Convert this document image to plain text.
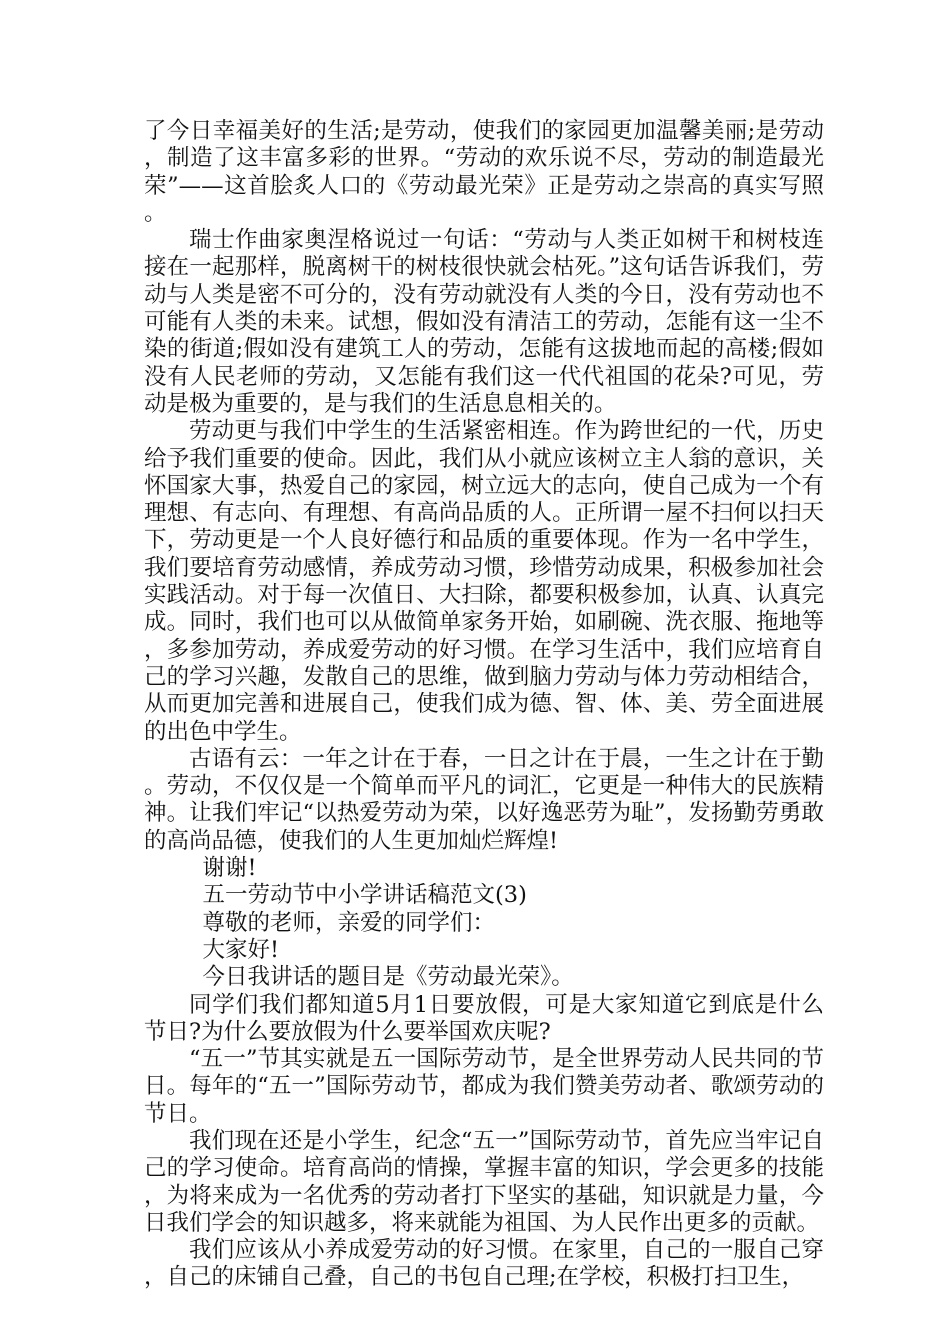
了今日幸福美好的生活;是劳动，使我们的家园更加温馨美丽;是劳动，制造了这丰富多彩的世界。“劳动的欢乐说不尽，劳动的制造最光荣”——这首脍炙人口的《劳动最光荣》正是劳动之崇高的真实写照。

瑞士作曲家奥涅格说过一句话：“劳动与人类正如树干和树枝连接在一起那样，脱离树干的树枝很快就会枯死。”这句话告诉我们，劳动与人类是密不可分的，没有劳动就没有人类的今日，没有劳动也不可能有人类的未来。试想，假如没有清洁工的劳动，怎能有这一尘不染的街道;假如没有建筑工人的劳动，怎能有这拔地而起的高楼;假如没有人民老师的劳动，又怎能有我们这一代代祖国的花朵?可见，劳动是极为重要的，是与我们的生活息息相关的。

劳动更与我们中学生的生活紧密相连。作为跨世纪的一代，历史给予我们重要的使命。因此，我们从小就应该树立主人翁的意识，关怀国家大事，热爱自己的家园，树立远大的志向，使自己成为一个有理想、有志向、有理想、有高尚品质的人。正所谓一屋不扫何以扫天下，劳动更是一个人良好德行和品质的重要体现。作为一名中学生，我们要培育劳动感情，养成劳动习惯，珍惜劳动成果，积极参加社会实践活动。对于每一次值日、大扫除，都要积极参加，认真、认真完成。同时，我们也可以从做简单家务开始，如刷碗、洗衣服、拖地等，多参加劳动，养成爱劳动的好习惯。在学习生活中，我们应培育自己的学习兴趣，发散自己的思维，做到脑力劳动与体力劳动相结合，从而更加完善和进展自己，使我们成为德、智、体、美、劳全面进展的出色中学生。

古语有云：一年之计在于春，一日之计在于晨，一生之计在于勤。劳动，不仅仅是一个简单而平凡的词汇，它更是一种伟大的民族精神。让我们牢记“以热爱劳动为荣，以好逸恶劳为耻”，发扬勤劳勇敢的高尚品德，使我们的人生更加灿烂辉煌!

谢谢!

五一劳动节中小学讲话稿范文(3)

尊敬的老师，亲爱的同学们：

大家好!

今日我讲话的题目是《劳动最光荣》。

同学们我们都知道5月1日要放假，可是大家知道它到底是什么节日?为什么要放假为什么要举国欢庆呢?

“五一”节其实就是五一国际劳动节，是全世界劳动人民共同的节日。每年的“五一”国际劳动节，都成为我们赞美劳动者、歌颂劳动的节日。

我们现在还是小学生，纪念“五一”国际劳动节，首先应当牢记自己的学习使命。培育高尚的情操，掌握丰富的知识，学会更多的技能，为将来成为一名优秀的劳动者打下坚实的基础，知识就是力量，今日我们学会的知识越多，将来就能为祖国、为人民作出更多的贡献。

我们应该从小养成爱劳动的好习惯。在家里，自己的一服自己穿，自己的床铺自己叠，自己的书包自己理;在学校，积极打扫卫生，
